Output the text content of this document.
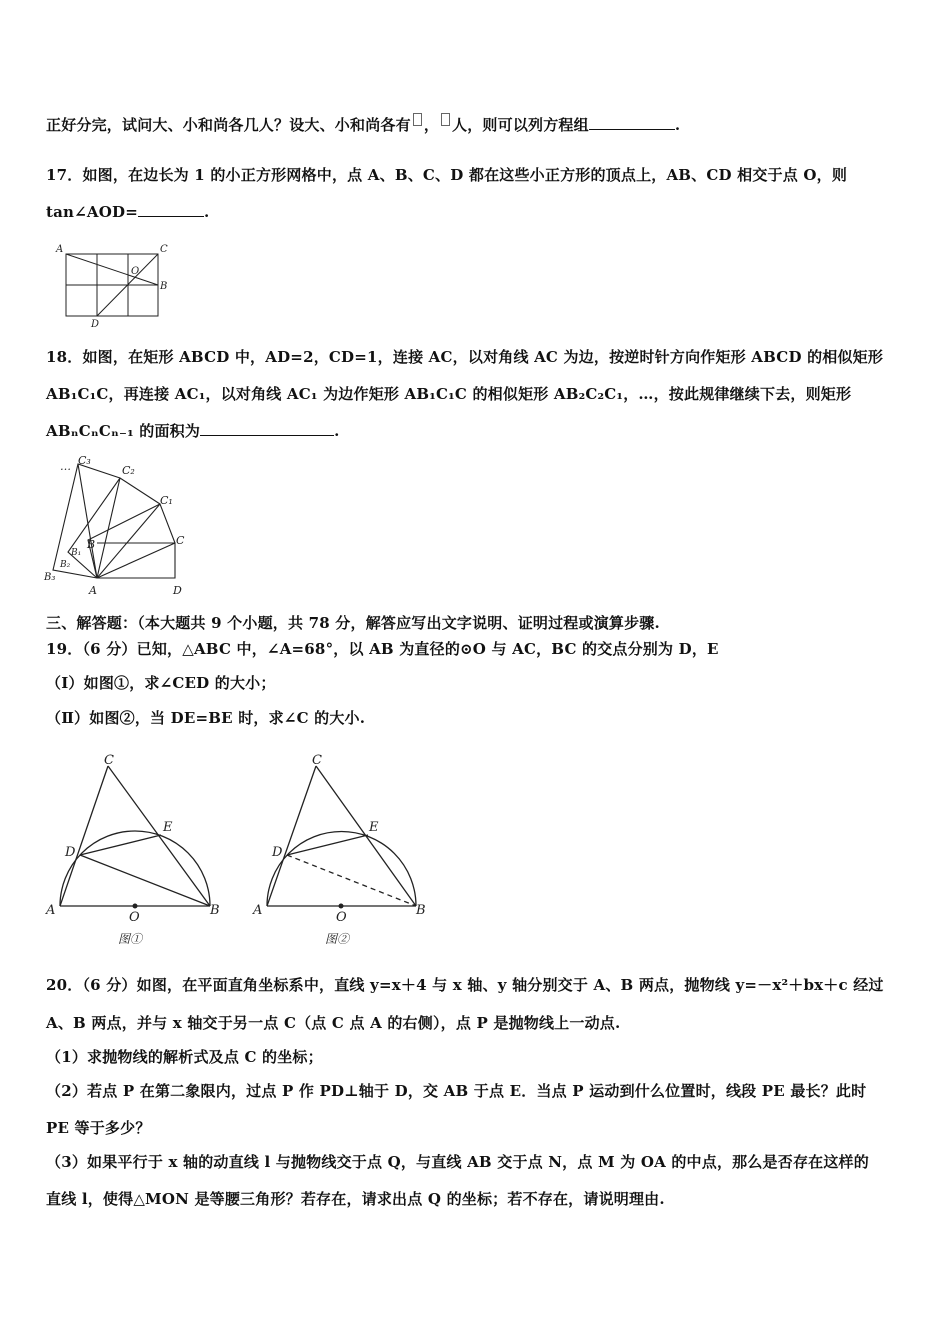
正好分完，试问大、小和尚各几人？设大、小和尚各有 ， 人，则可以列方程组	.
17．如图，在边长为 1 的小正方形网格中，点 A、B、C、D 都在这些小正方形的顶点上，AB、CD 相交于点 O，则
tan∠AOD=	.
A	C
O
B
D
18．如图，在矩形 ABCD 中，AD=2，CD=1，连接 AC，以对角线 AC 为边，按逆时针方向作矩形 ABCD 的相似矩形
AB₁C₁C，再连接 AC₁，以对角线 AC₁ 为边作矩形 AB₁C₁C 的相似矩形 AB₂C₂C₁，…，按此规律继续下去，则矩形
ABₙCₙCₙ₋₁ 的面积为	.
… C₃
C₂
C₁
C
B
B₁
B₂
B₃
A	D
三、解答题：（本大题共 9 个小题，共 78 分，解答应写出文字说明、证明过程或演算步骤.
19．（6 分）已知，△ABC 中，∠A=68°，以 AB 为直径的⊙O 与 AC，BC 的交点分别为 D，E
（Ⅰ）如图①，求∠CED 的大小；
（Ⅱ）如图②，当 DE=BE 时，求∠C 的大小.
C
D
E
A	O	B
图①
C
D
E
A	O	B
图②
20．（6 分）如图，在平面直角坐标系中，直线 y=x＋4 与 x 轴、y 轴分别交于 A、B 两点，抛物线 y=－x²＋bx＋c 经过
A、B 两点，并与 x 轴交于另一点 C（点 C 点 A 的右侧），点 P 是抛物线上一动点.
（1）求抛物线的解析式及点 C 的坐标；
（2）若点 P 在第二象限内，过点 P 作 PD⊥轴于 D，交 AB 于点 E．当点 P 运动到什么位置时，线段 PE 最长？此时
PE 等于多少？
（3）如果平行于 x 轴的动直线 l 与抛物线交于点 Q，与直线 AB 交于点 N，点 M 为 OA 的中点，那么是否存在这样的
直线 l，使得△MON 是等腰三角形？若存在，请求出点 Q 的坐标；若不存在，请说明理由.
